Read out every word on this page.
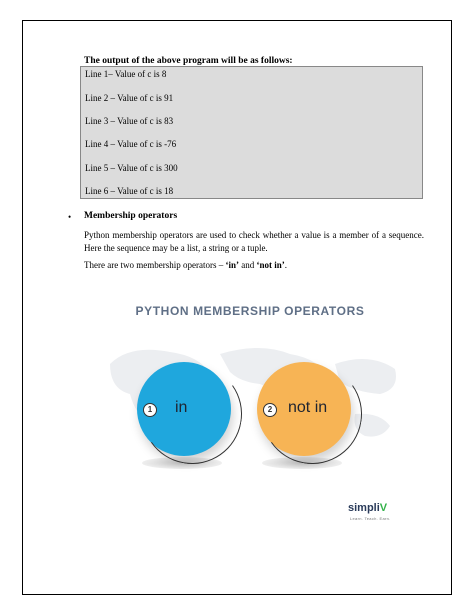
The output of the above program will be as follows:
Line 1– Value of c is 8
Line 2 – Value of c is 91
Line 3 – Value of c is 83
Line 4 – Value of c is -76
Line 5 – Value of c is 300
Line 6 – Value of c is 18
• Membership operators
Python membership operators are used to check whether a value is a member of a sequence. Here the sequence may be a list, a string or a tuple.
There are two membership operators – ‘in’ and ‘not in’.
PYTHON MEMBERSHIP OPERATORS
1 in	2 not in
simpliV
Learn. Teach. Earn.
